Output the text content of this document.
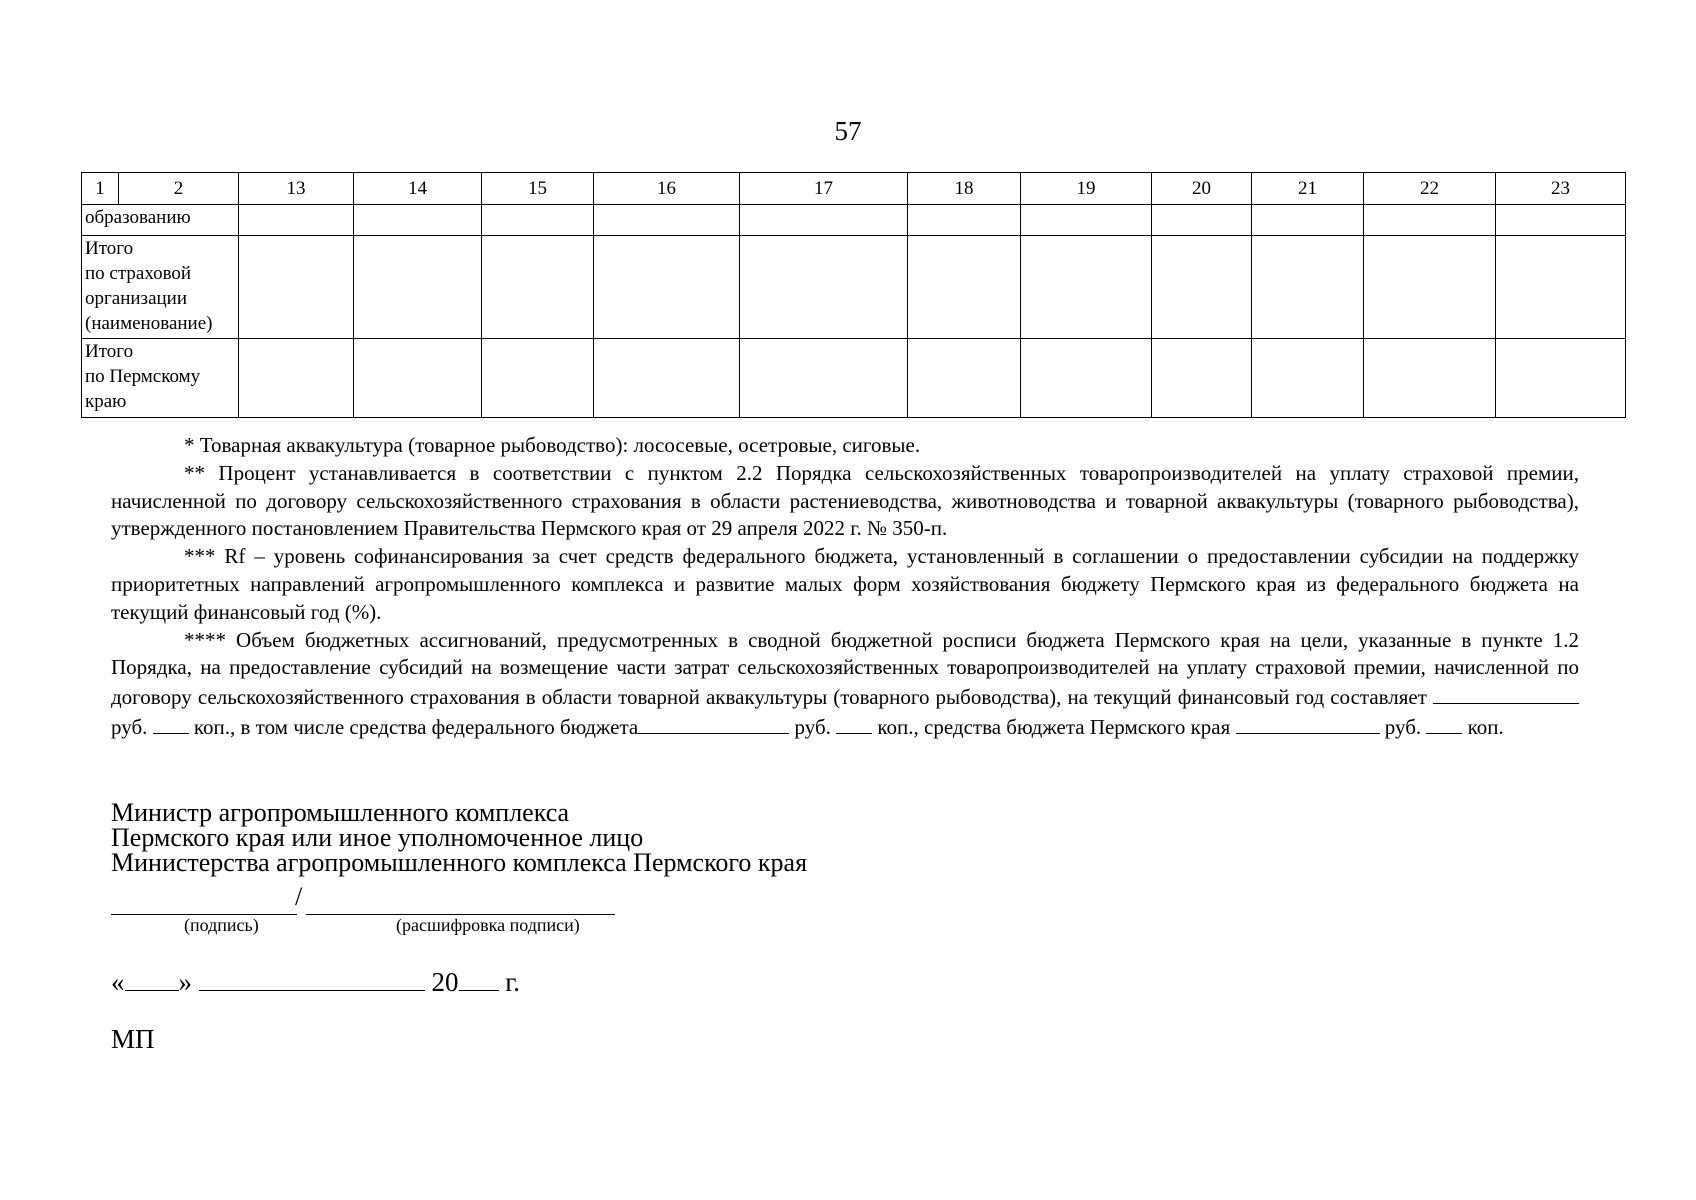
57
1	2	13	14	15	16	17	18	19	20	21	22	23
образованию												

Итого
по страховой
организации
(наименование)												

Итого
по Пермскому
краю												

* Товарная аквакультура (товарное рыбоводство): лососевые, осетровые, сиговые.

** Процент устанавливается в соответствии с пунктом 2.2 Порядка сельскохозяйственных товаропроизводителей на уплату страховой премии, начисленной по договору сельскохозяйственного страхования в области растениеводства, животноводства и товарной аквакультуры (товарного рыбоводства), утвержденного постановлением Правительства Пермского края от 29 апреля 2022 г. № 350-п.

*** Rf – уровень софинансирования за счет средств федерального бюджета, установленный в соглашении о предоставлении субсидии на поддержку приоритетных направлений агропромышленного комплекса и развитие малых форм хозяйствования бюджету Пермского края из федерального бюджета на текущий финансовый год (%).

**** Объем бюджетных ассигнований, предусмотренных в сводной бюджетной росписи бюджета Пермского края на цели, указанные в пункте 1.2 Порядка, на предоставление субсидий на возмещение части затрат сельскохозяйственных товаропроизводителей на уплату страховой премии, начисленной по договору сельскохозяйственного страхования в области товарной аквакультуры (товарного рыбоводства), на текущий финансовый год составляет  руб. коп., в том числе средства федерального бюджета	руб. коп., средства бюджета Пермского края	руб. коп.

Министр агропромышленного комплекса
Пермского края или иное уполномоченное лицо
Министерства агропромышленного комплекса Пермского края
/
(подпись)	(расшифровка подписи)
« »	20 г.
МП
